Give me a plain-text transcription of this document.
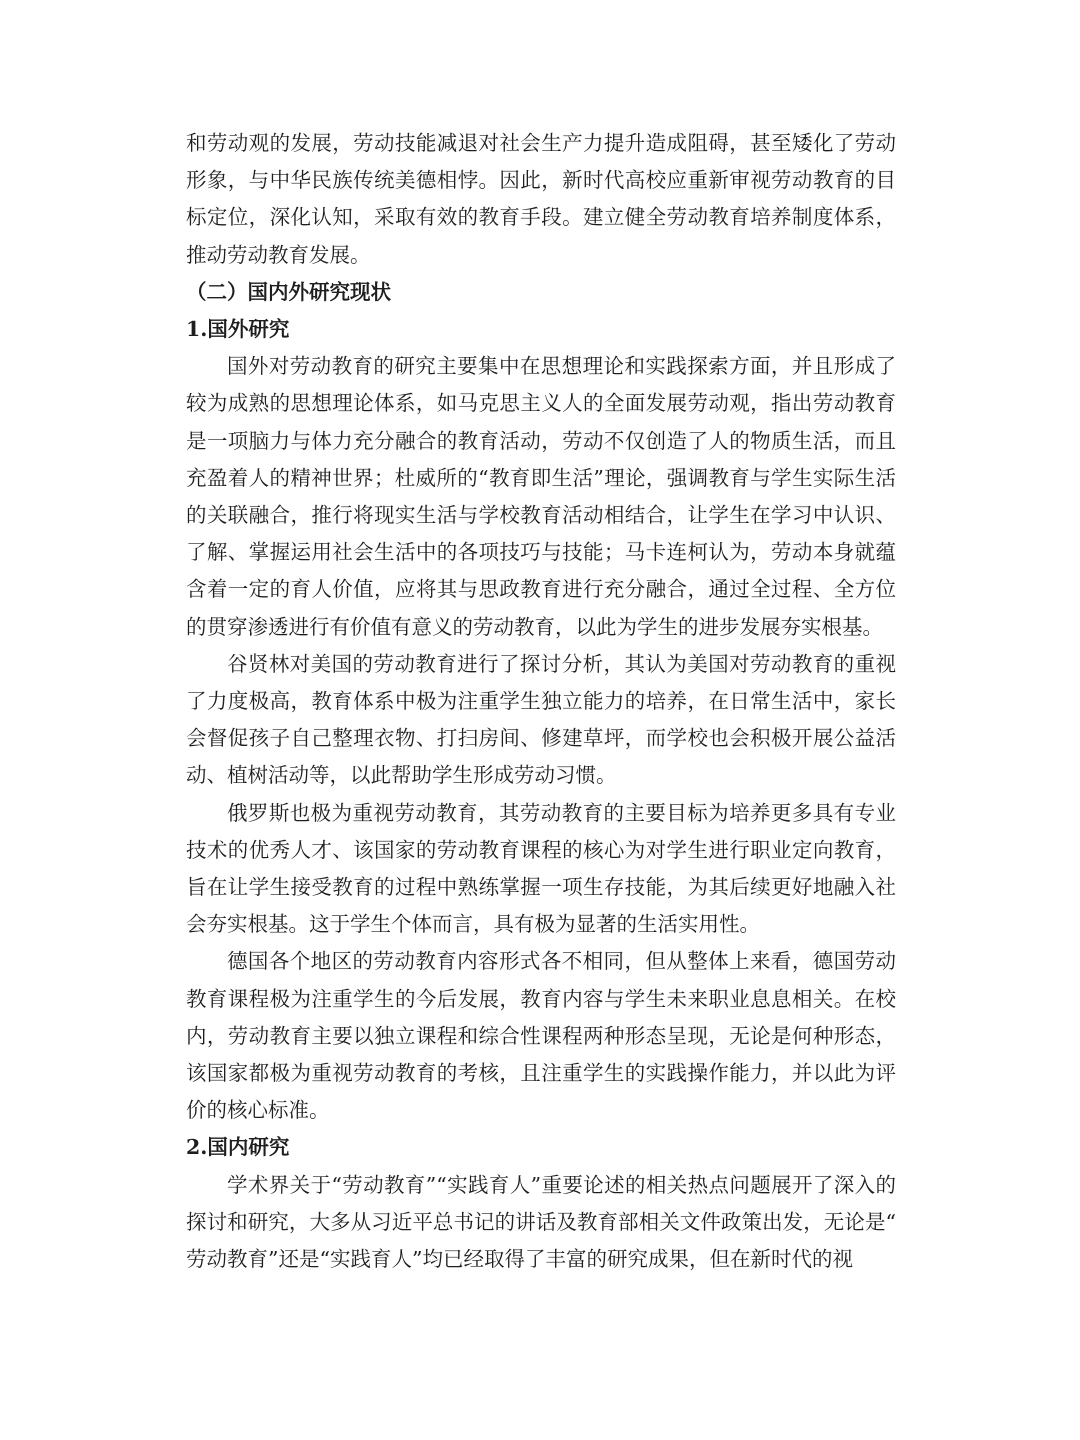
和劳动观的发展，劳动技能减退对社会生产力提升造成阻碍，甚至矮化了劳动形象，与中华民族传统美德相悖。因此，新时代高校应重新审视劳动教育的目标定位，深化认知，采取有效的教育手段。建立健全劳动教育培养制度体系，推动劳动教育发展。

（二）国内外研究现状

1.国外研究

国外对劳动教育的研究主要集中在思想理论和实践探索方面，并且形成了较为成熟的思想理论体系，如马克思主义人的全面发展劳动观，指出劳动教育是一项脑力与体力充分融合的教育活动，劳动不仅创造了人的物质生活，而且充盈着人的精神世界；杜威所的“教育即生活”理论，强调教育与学生实际生活的关联融合，推行将现实生活与学校教育活动相结合，让学生在学习中认识、了解、掌握运用社会生活中的各项技巧与技能；马卡连柯认为，劳动本身就蕴含着一定的育人价值，应将其与思政教育进行充分融合，通过全过程、全方位的贯穿渗透进行有价值有意义的劳动教育，以此为学生的进步发展夯实根基。

谷贤林对美国的劳动教育进行了探讨分析，其认为美国对劳动教育的重视了力度极高，教育体系中极为注重学生独立能力的培养，在日常生活中，家长会督促孩子自己整理衣物、打扫房间、修建草坪，而学校也会积极开展公益活动、植树活动等，以此帮助学生形成劳动习惯。

俄罗斯也极为重视劳动教育，其劳动教育的主要目标为培养更多具有专业技术的优秀人才、该国家的劳动教育课程的核心为对学生进行职业定向教育，旨在让学生接受教育的过程中熟练掌握一项生存技能，为其后续更好地融入社会夯实根基。这于学生个体而言，具有极为显著的生活实用性。

德国各个地区的劳动教育内容形式各不相同，但从整体上来看，德国劳动教育课程极为注重学生的今后发展，教育内容与学生未来职业息息相关。在校内，劳动教育主要以独立课程和综合性课程两种形态呈现，无论是何种形态，该国家都极为重视劳动教育的考核，且注重学生的实践操作能力，并以此为评价的核心标准。

2.国内研究

学术界关于“劳动教育”“实践育人”重要论述的相关热点问题展开了深入的探讨和研究，大多从习近平总书记的讲话及教育部相关文件政策出发，无论是“劳动教育”还是“实践育人”均已经取得了丰富的研究成果，但在新时代的视
